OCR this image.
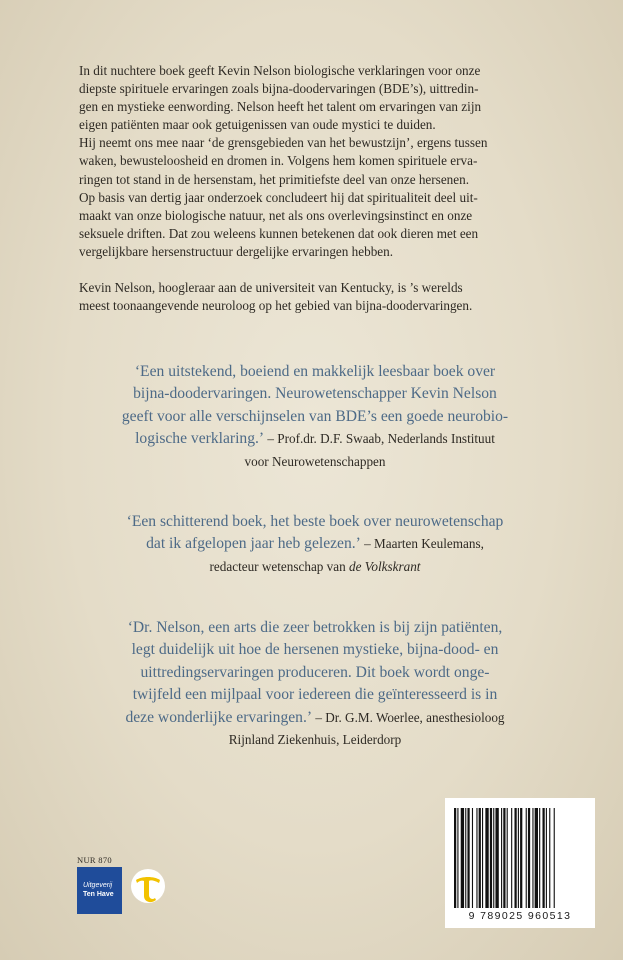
In dit nuchtere boek geeft Kevin Nelson biologische verklaringen voor onze
diepste spirituele ervaringen zoals bijna-doodervaringen (BDE’s), uittredin-
gen en mystieke eenwording. Nelson heeft het talent om ervaringen van zijn
eigen patiënten maar ook getuigenissen van oude mystici te duiden.
Hij neemt ons mee naar ‘de grensgebieden van het bewustzijn’, ergens tussen
waken, bewusteloosheid en dromen in. Volgens hem komen spirituele erva-
ringen tot stand in de hersenstam, het primitiefste deel van onze hersenen.
Op basis van dertig jaar onderzoek concludeert hij dat spiritualiteit deel uit-
maakt van onze biologische natuur, net als ons overlevingsinstinct en onze
seksuele driften. Dat zou weleens kunnen betekenen dat ook dieren met een
vergelijkbare hersenstructuur dergelijke ervaringen hebben.

Kevin Nelson, hoogleraar aan de universiteit van Kentucky, is ’s werelds
meest toonaangevende neuroloog op het gebied van bijna-doodervaringen.

‘Een uitstekend, boeiend en makkelijk leesbaar boek over
bijna-doodervaringen. Neurowetenschapper Kevin Nelson
geeft voor alle verschijnselen van BDE’s een goede neurobio-
logische verklaring.’ – Prof.dr. D.F. Swaab, Nederlands Instituut
voor Neurowetenschappen
‘Een schitterend boek, het beste boek over neurowetenschap
dat ik afgelopen jaar heb gelezen.’ – Maarten Keulemans,
redacteur wetenschap van de Volkskrant
‘Dr. Nelson, een arts die zeer betrokken is bij zijn patiënten,
legt duidelijk uit hoe de hersenen mystieke, bijna-dood- en
uittredingservaringen produceren. Dit boek wordt onge-
twijfeld een mijlpaal voor iedereen die geïnteresseerd is in
deze wonderlijke ervaringen.’ – Dr. G.M. Woerlee, anesthesioloog
Rijnland Ziekenhuis, Leiderdorp
NUR 870
Uitgeverij
Ten Have
9 789025 960513
